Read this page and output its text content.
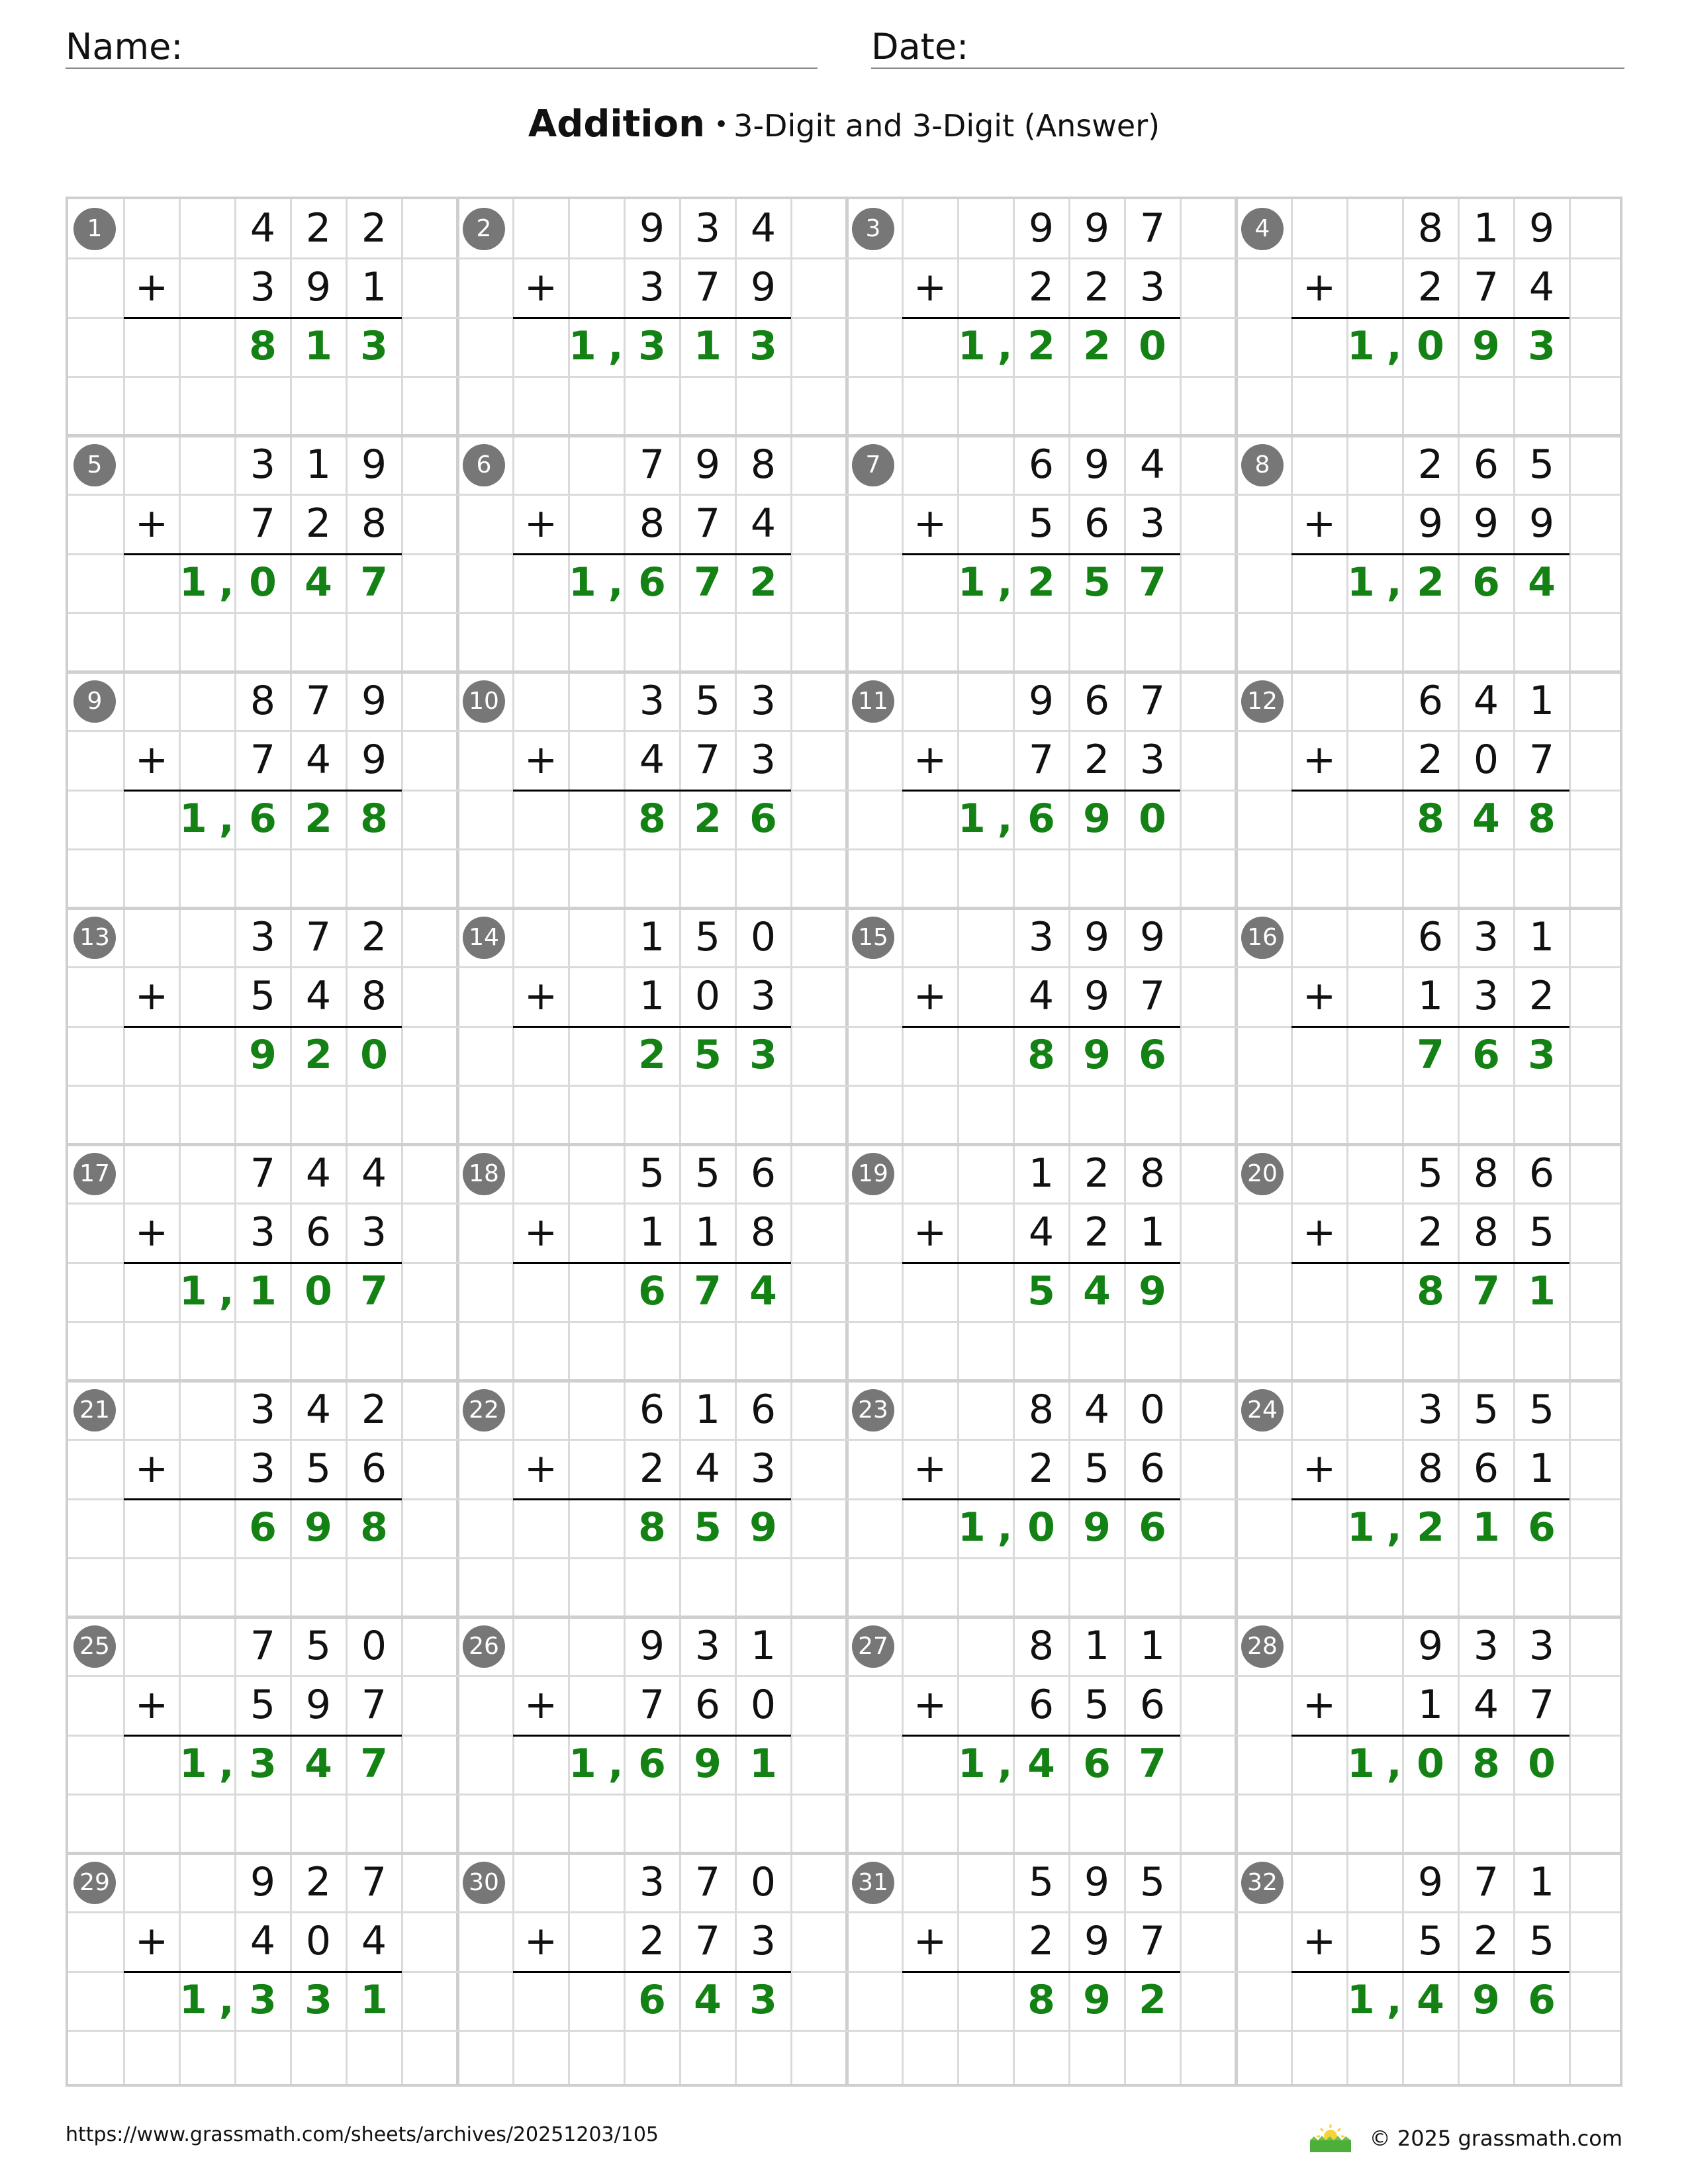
Name:	Date:
Addition • 3-Digit and 3-Digit (Answer)
1	4 2 2
+	3 9 1
8 1 3
2	9 3 4
+	3 7 9
1, 3 1 3
3	9 9 7
+	2 2 3
1, 2 2 0
4	8 1 9
+	2 7 4
1, 0 9 3
5	3 1 9
+	7 2 8
1, 0 4 7
6	7 9 8
+	8 7 4
1, 6 7 2
7	6 9 4
+	5 6 3
1, 2 5 7
8	2 6 5
+	9 9 9
1, 2 6 4
9	8 7 9
+	7 4 9
1, 6 2 8
10	3 5 3
+	4 7 3
8 2 6
11	9 6 7
+	7 2 3
1, 6 9 0
12	6 4 1
+	2 0 7
8 4 8
13	3 7 2
+	5 4 8
9 2 0
14	1 5 0
+	1 0 3
2 5 3
15	3 9 9
+	4 9 7
8 9 6
16	6 3 1
+	1 3 2
7 6 3
17	7 4 4
+	3 6 3
1, 1 0 7
18	5 5 6
+	1 1 8
6 7 4
19	1 2 8
+	4 2 1
5 4 9
20	5 8 6
+	2 8 5
8 7 1
21	3 4 2
+	3 5 6
6 9 8
22	6 1 6
+	2 4 3
8 5 9
23	8 4 0
+	2 5 6
1, 0 9 6
24	3 5 5
+	8 6 1
1, 2 1 6
25	7 5 0
+	5 9 7
1, 3 4 7
26	9 3 1
+	7 6 0
1, 6 9 1
27	8 1 1
+	6 5 6
1, 4 6 7
28	9 3 3
+	1 4 7
1, 0 8 0
29	9 2 7
+	4 0 4
1, 3 3 1
30	3 7 0
+	2 7 3
6 4 3
31	5 9 5
+	2 9 7
8 9 2
32	9 7 1
+	5 2 5
1, 4 9 6
https://www.grassmath.com/sheets/archives/20251203/105	© 2025 grassmath.com
